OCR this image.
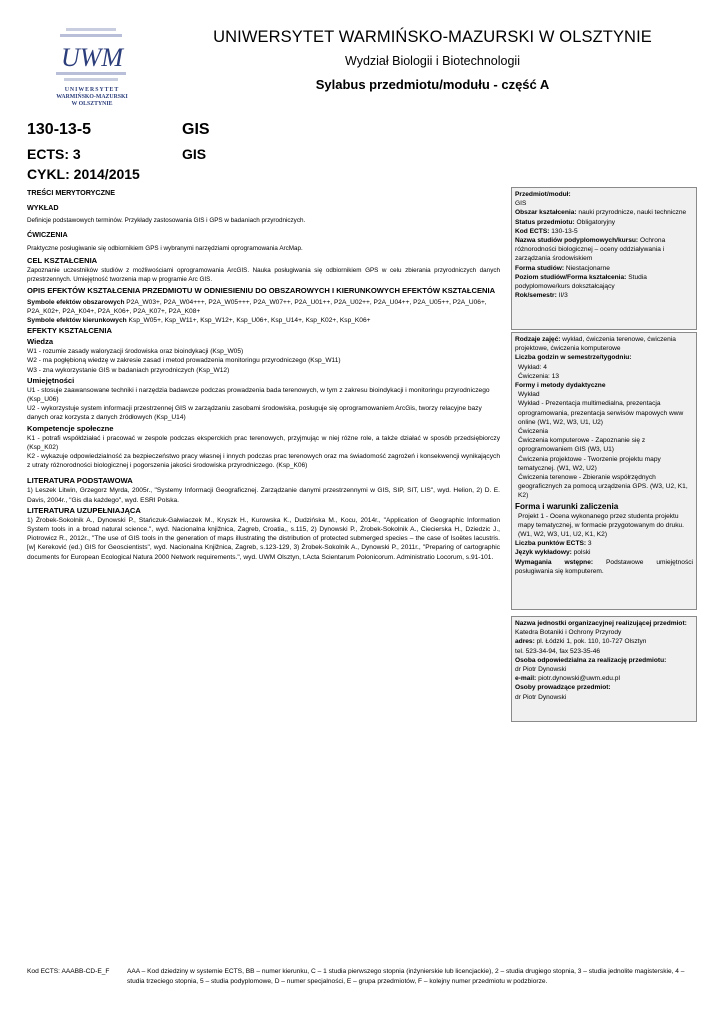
UWM
UNIWERSYTET
WARMIŃSKO-MAZURSKI
W OLSZTYNIE
UNIWERSYTET WARMIŃSKO-MAZURSKI W OLSZTYNIE
Wydział Biologii i Biotechnologii
Sylabus przedmiotu/modułu - część A
130-13-5	GIS
ECTS: 3	GIS
CYKL: 2014/2015
TREŚCI MERYTORYCZNE
WYKŁAD

Definicje podstawowych terminów. Przykłady zastosowania GIS i GPS w badaniach przyrodniczych.

ĆWICZENIA

Praktyczne posługiwanie się odbiornikiem GPS i wybranymi narzędziami oprogramowania ArcMap.

CEL KSZTAŁCENIA

Zapoznanie uczestników studiów z możliwościami oprogramowania ArcGIS. Nauka posługiwania się odbiornikiem GPS w celu zbierania przyrodniczych danych przestrzennych. Umiejętność tworzenia map w programie Arc GIS.

OPIS EFEKTÓW KSZTAŁCENIA PRZEDMIOTU W ODNIESIENIU DO OBSZAROWYCH I KIERUNKOWYCH EFEKTÓW KSZTAŁCENIA

Symbole efektów obszarowych P2A_W03+, P2A_W04+++, P2A_W05+++, P2A_W07++, P2A_U01++, P2A_U02++, P2A_U04++, P2A_U05++, P2A_U06+, P2A_K02+, P2A_K04+, P2A_K06+, P2A_K07+, P2A_K08+

Symbole efektów kierunkowych Ksp_W05+, Ksp_W11+, Ksp_W12+, Ksp_U06+, Ksp_U14+, Ksp_K02+, Ksp_K06+

EFEKTY KSZTAŁCENIA
Wiedza

W1 - rozumie zasady waloryzacji środowiska oraz bioindykacji (Ksp_W05)

W2 - ma pogłębioną wiedzę w zakresie zasad i metod prowadzenia monitoringu przyrodniczego (Ksp_W11)

W3 - zna wykorzystanie GIS w badaniach przyrodniczych (Ksp_W12)

Umiejętności

U1 - stosuje zaawansowane techniki i narzędzia badawcze podczas prowadzenia bada terenowych, w tym z zakresu bioindykacji i monitoringu przyrodniczego (Ksp_U06)

U2 - wykorzystuje system informacji przestrzennej GIS w zarządzaniu zasobami środowiska, posługuje się oprogramowaniem ArcGis, tworzy relacyjne bazy danych oraz korzysta z danych źródłowych (Ksp_U14)

Kompetencje społeczne

K1 - potrafi współdziałać i pracować w zespole podczas eksperckich prac terenowych, przyjmując w niej różne role, a także działać w sposób przedsiębiorczy (Ksp_K02)

K2 - wykazuje odpowiedzialność za bezpieczeństwo pracy własnej i innych podczas prac terenowych oraz ma świadomość zagrożeń i konsekwencji wynikających z utraty różnorodności biologicznej i pogorszenia jakości środowiska przyrodniczego. (Ksp_K06)

LITERATURA PODSTAWOWA

1) Leszek Litwin, Grzegorz Myrda, 2005r., "Systemy Informacji Geograficznej. Zarządzanie danymi przestrzennymi w GIS, SIP, SIT, LIS", wyd. Helion, 2) D. E. Davis, 2004r., "Gis dla każdego", wyd. ESRI Polska.

LITERATURA UZUPEŁNIAJĄCA

1) Żrobek-Sokolnik A., Dynowski P., Stańczuk-Gałwiaczek M., Kryszk H., Kurowska K., Dudzińska M., Kocu, 2014r., "Application of Geographic Information System tools in a broad natural science.", wyd. Nacionalna knjižnica, Zagreb, Croatia,, s.115, 2) Dynowski P., Żrobek-Sokolnik A., Ciecierska H., Dziedzic J., Piotrowicz R., 2012r., "The use of GIS tools in the generation of maps illustrating the distribution of protected submerged species – the case of Isoëtes lacustris. [w] Kereković (ed.) GIS for Geoscientists", wyd. Nacionalna Knjižnica, Zagreb, s.123-129, 3) Żrobek-Sokolnik A., Dynowski P., 2011r., "Preparing of cartographic documents for European Ecological Natura 2000 Network requirements.", wyd. UWM Olsztyn, t.Acta Scientarum Polonicorum. Administratio Locorum, s.91-101.

Przedmiot/moduł:
GIS
Obszar kształcenia: nauki przyrodnicze, nauki techniczne
Status przedmiotu: Obligatoryjny
Kod ECTS: 130-13-5
Nazwa studiów podyplomowych/kursu: Ochrona różnorodności biologicznej – oceny oddziaływania i zarządzania środowiskiem
Forma studiów: Niestacjonarne
Poziom studiów/Forma kształcenia: Studia podyplomowe/kurs dokształcający
Rok/semestr: II/3
Rodzaje zajęć: wykład, ćwiczenia terenowe, ćwiczenia projektowe, ćwiczenia komputerowe
Liczba godzin w semestrze/tygodniu:
Wykład: 4
Ćwiczenia: 13
Formy i metody dydaktyczne
Wykład
Wykład - Prezentacja multimedialna, prezentacja oprogramowania, prezentacja serwisów mapowych www online (W1, W2, W3, U1, U2)
Ćwiczenia
Ćwiczenia komputerowe - Zapoznanie się z oprogramowaniem GIS (W3, U1)
Ćwiczenia projektowe - Tworzenie projektu mapy tematycznej. (W1, W2, U2)
Ćwiczenia terenowe - Zbieranie współrzędnych geograficznych za pomocą urządzenia GPS. (W3, U2, K1, K2)
Forma i warunki zaliczenia
Projekt 1 - Ocena wykonanego przez studenta projektu mapy tematycznej, w formacie przygotowanym do druku. (W1, W2, W3, U1, U2, K1, K2)
Liczba punktów ECTS: 3
Język wykładowy: polski
Wymagania wstępne: Podstawowe umiejętności posługiwania się komputerem.
Nazwa jednostki organizacyjnej realizującej przedmiot:
Katedra Botaniki i Ochrony Przyrody
adres: pl. Łódzki 1, pok. 110, 10-727 Olsztyn
tel. 523-34-94, fax 523-35-46
Osoba odpowiedzialna za realizację przedmiotu:
dr Piotr Dynowski
e-mail: piotr.dynowski@uwm.edu.pl
Osoby prowadzące przedmiot:
dr Piotr Dynowski
Kod ECTS: AAABB-CD-E_F	AAA – Kod dziedziny w systemie ECTS, BB – numer kierunku, C – 1 studia pierwszego stopnia (inżynierskie lub licencjackie), 2 – studia drugiego stopnia, 3 – studia jednolite magisterskie, 4 – studia trzeciego stopnia, 5 – studia podyplomowe, D – numer specjalności, E – grupa przedmiotów, F – kolejny numer przedmiotu w podzbiorze.
